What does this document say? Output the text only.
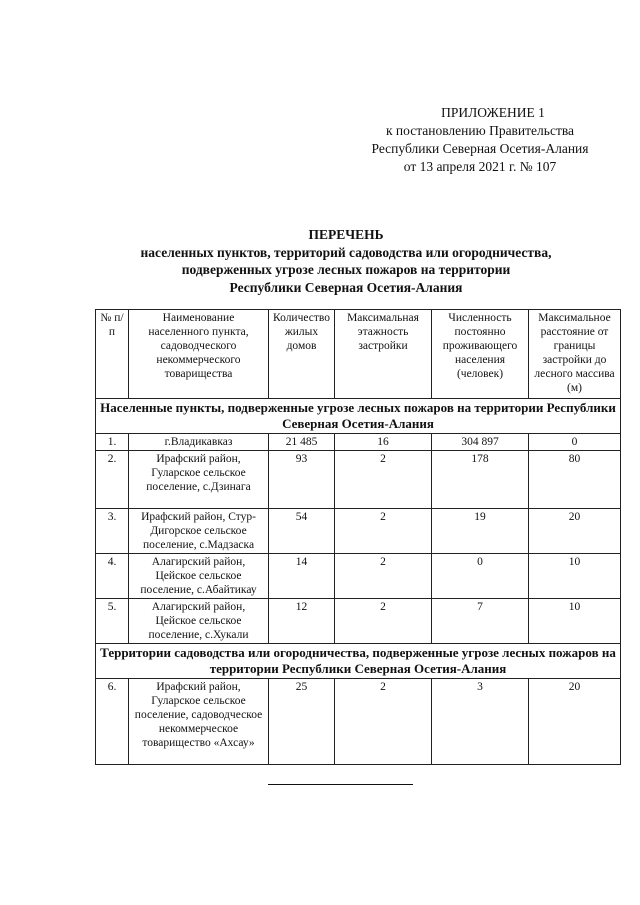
ПРИЛОЖЕНИЕ 1
к постановлению Правительства
Республики Северная Осетия-Алания
от 13 апреля 2021 г. № 107
ПЕРЕЧЕНЬ
населенных пунктов, территорий садоводства или огородничества,
подверженных угрозе лесных пожаров на территории
Республики Северная Осетия-Алания
№ п/п	Наименование населенного пункта, садоводческого некоммерческого товарищества	Количество жилых домов	Максимальная этажность застройки	Численность постоянно проживающего населения (человек)	Максимальное расстояние от границы застройки до лесного массива (м)
Населенные пункты, подверженные угрозе лесных пожаров на территории Республики Северная Осетия-Алания					
1.	г.Владикавказ	21 485	16	304 897	0
2.	Ирафский район, Гуларское сельское поселение, с.Дзинага	93	2	178	80
3.	Ирафский район, Стур-Дигорское сельское поселение, с.Мадзаска	54	2	19	20
4.	Алагирский район, Цейское сельское поселение, с.Абайтикау	14	2	0	10
5.	Алагирский район, Цейское сельское поселение, с.Хукали	12	2	7	10
Территории садоводства или огородничества, подверженные угрозе лесных пожаров на территории Республики Северная Осетия-Алания					
6.	Ирафский район, Гуларское сельское поселение, садоводческое некоммерческое товарищество «Ахсау»	25	2	3	20
